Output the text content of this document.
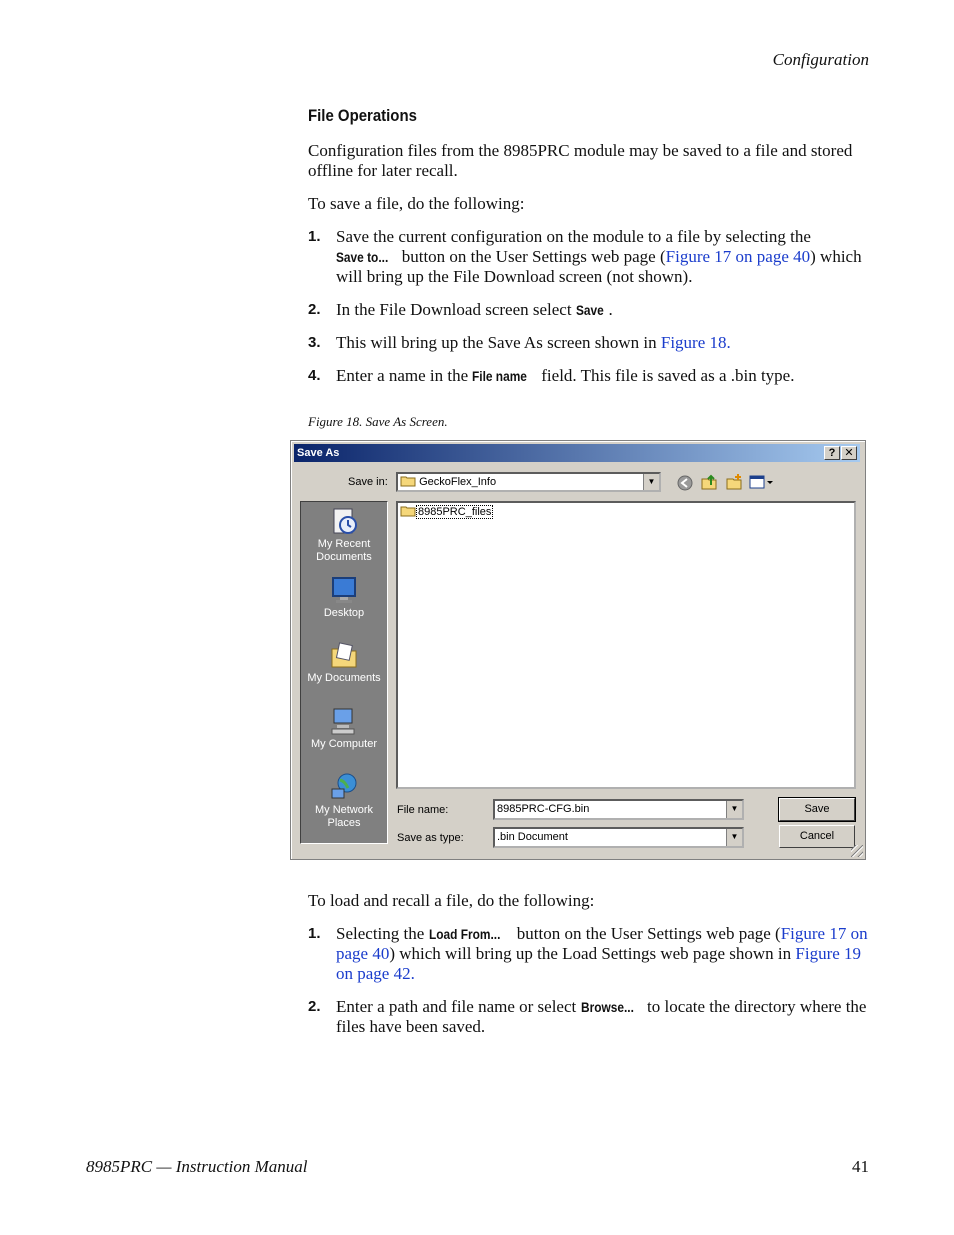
Configuration
File Operations
Configuration files from the 8985PRC module may be saved to a file and stored offline for later recall.
To save a file, do the following:
1. Save the current configuration on the module to a file by selecting the Save to... button on the User Settings web page (Figure 17 on page 40) which will bring up the File Download screen (not shown).
2. In the File Download screen select Save .
3. This will bring up the Save As screen shown in Figure 18.
4. Enter a name in the File name field. This file is saved as a .bin type.
Figure 18. Save As Screen.
Save As	? ✕
Save in:	GeckoFlex_Info	▼
My Recent Documents
Desktop
My Documents
My Computer
My Network Places
8985PRC_files
File name:	8985PRC-CFG.bin	▼
Save as type:	.bin Document	▼
Save
Cancel
To load and recall a file, do the following:
1. Selecting the Load From... button on the User Settings web page (Figure 17 on page 40) which will bring up the Load Settings web page shown in Figure 19 on page 42.
2. Enter a path and file name or select Browse... to locate the directory where the files have been saved.
8985PRC — Instruction Manual	41
